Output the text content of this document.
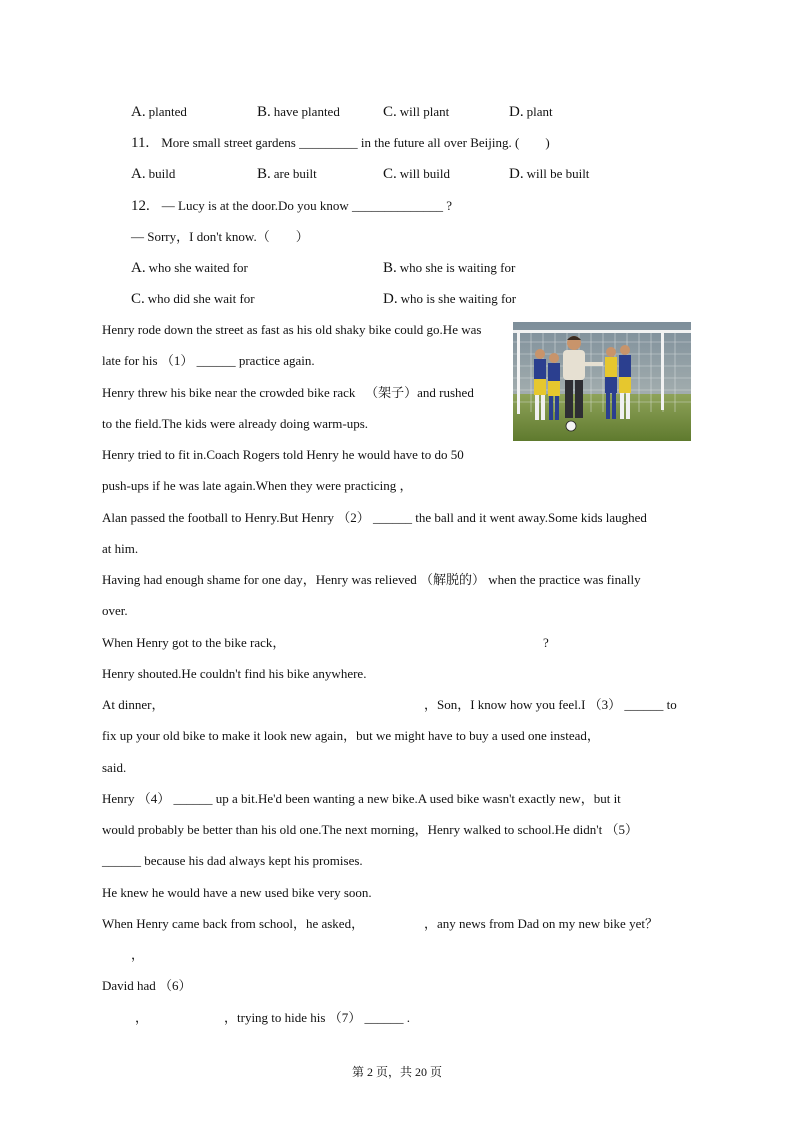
A. planted	B. have planted	C. will plant	D. plant
11. More small street gardens _________ in the future all over Beijing. (　　)
A. build	B. are built	C. will build	D. will be built
12. — Lucy is at the door.Do you know ______________ ?
— Sorry，I don't know.（　　）
A. who she waited for	B. who she is waiting for
C. who did she wait for	D. who is she waiting for
Henry rode down the street as fast as his old shaky bike could go.He was
late for his （1） ______ practice again.
Henry threw his bike near the crowded bike rack 　（架子）and rushed
to the field.The kids were already doing warm-ups.
Henry tried to fit in.Coach Rogers told Henry he would have to do 50
push-ups if he was late again.When they were practicing ，
Alan passed the football to Henry.But Henry （2） ______ the ball and it went away.Some kids laughed
at him.
Having had enough shame for one day，Henry was relieved （解脱的） when the practice was finally
over.
When Henry got to the bike rack，	?
Henry shouted.He couldn't find his bike anywhere.
At dinner，	，Son，I know how you feel.I （3） ______ to
fix up your old bike to make it look new again，but we might have to buy a used one instead，
said.
Henry （4） ______ up a bit.He'd been wanting a new bike.A used bike wasn't exactly new，but it
would probably be better than his old one.The next morning，Henry walked to school.He didn't （5）
______ because his dad always kept his promises.
He knew he would have a new used bike very soon.
When Henry came back from school，he asked，	，any news from Dad on my new bike yet？
，
David had （6）
，	，trying to hide his （7） ______ .
第 2 页，共 20 页
